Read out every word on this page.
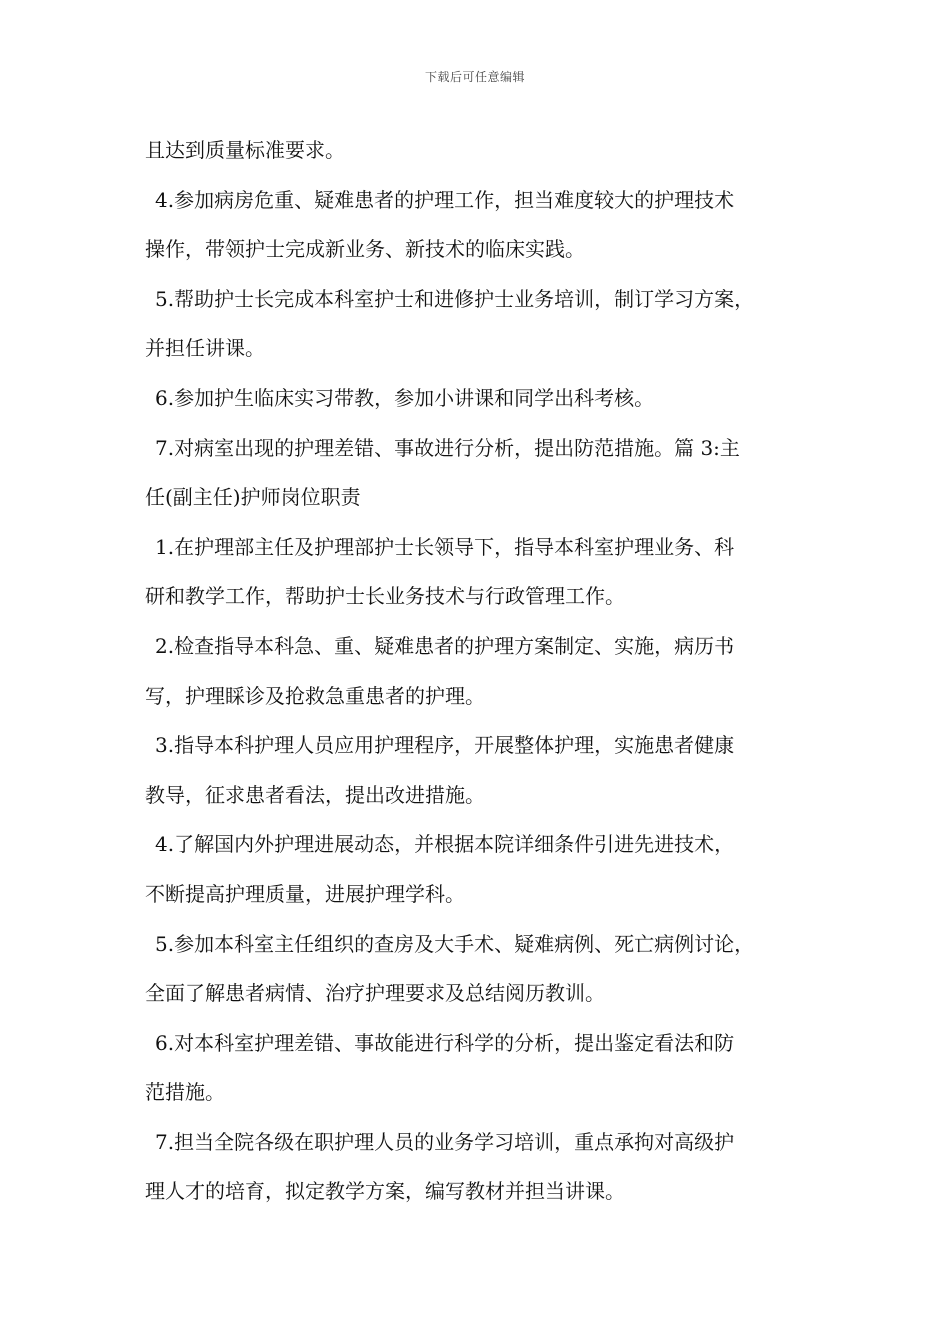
下载后可任意编辑

且达到质量标准要求。

4.参加病房危重、疑难患者的护理工作，担当难度较大的护理技术

操作，带领护士完成新业务、新技术的临床实践。

5.帮助护士长完成本科室护士和进修护士业务培训，制订学习方案，

并担任讲课。

6.参加护生临床实习带教，参加小讲课和同学出科考核。

7.对病室出现的护理差错、事故进行分析，提出防范措施。篇 3:主

任(副主任)护师岗位职责

1.在护理部主任及护理部护士长领导下，指导本科室护理业务、科

研和教学工作，帮助护士长业务技术与行政管理工作。

2.检查指导本科急、重、疑难患者的护理方案制定、实施，病历书

写，护理睬诊及抢救急重患者的护理。

3.指导本科护理人员应用护理程序，开展整体护理，实施患者健康

教导，征求患者看法，提出改进措施。

4.了解国内外护理进展动态，并根据本院详细条件引进先进技术，

不断提高护理质量，进展护理学科。

5.参加本科室主任组织的查房及大手术、疑难病例、死亡病例讨论，

全面了解患者病情、治疗护理要求及总结阅历教训。

6.对本科室护理差错、事故能进行科学的分析，提出鉴定看法和防

范措施。

7.担当全院各级在职护理人员的业务学习培训，重点承拘对高级护

理人才的培育，拟定教学方案，编写教材并担当讲课。
